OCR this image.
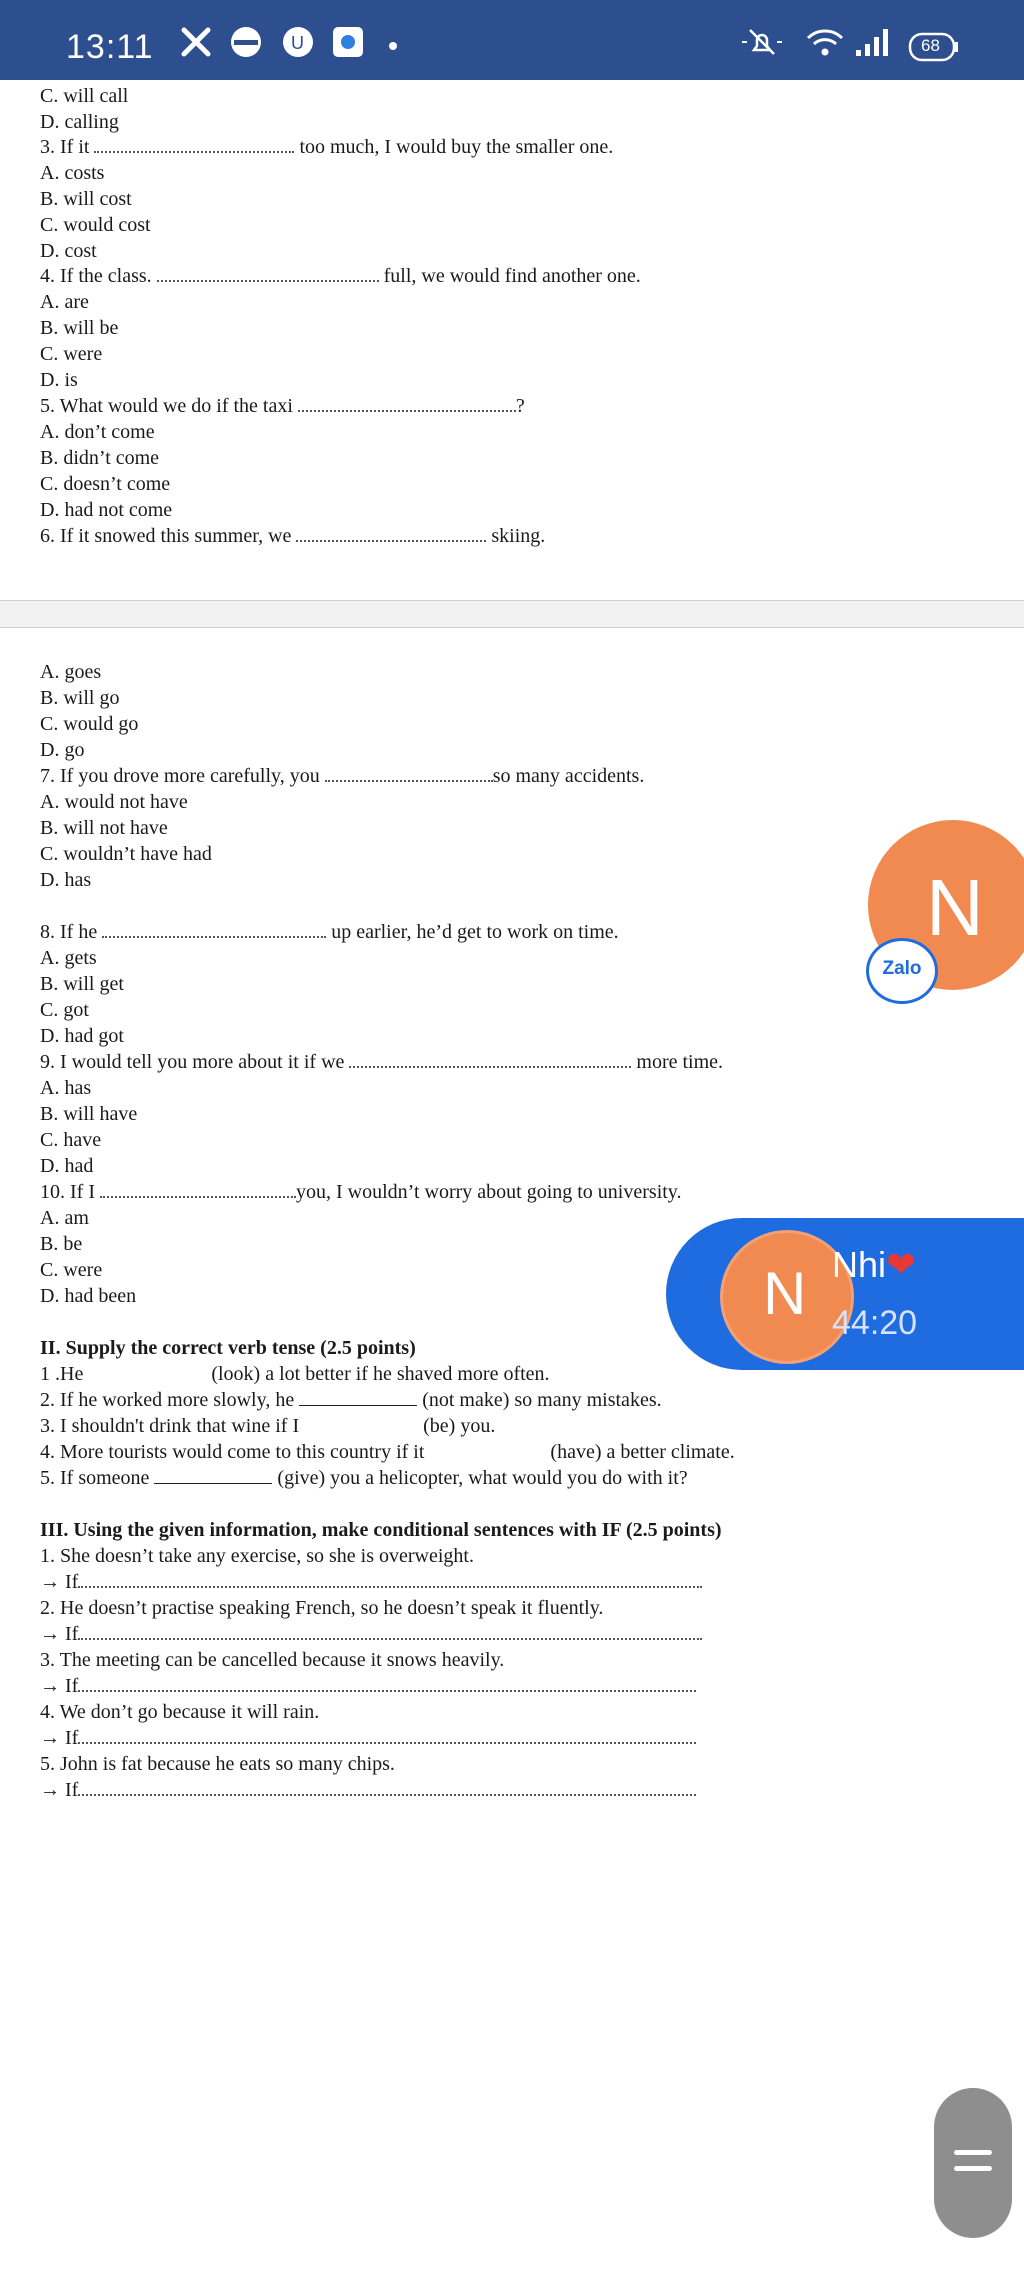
13:11	U	68
C. will call
D. calling
3. If it	too much, I would buy the smaller one.
A. costs
B. will cost
C. would cost
D. cost
4. If the class.	full, we would find another one.
A. are
B. will be
C. were
D. is
5. What would we do if the taxi	?
A. don’t come
B. didn’t come
C. doesn’t come
D. had not come
6. If it snowed this summer, we	skiing.
A. goes
B. will go
C. would go
D. go
7. If you drove more carefully, you	so many accidents.
A. would not have
B. will not have
C. wouldn’t have had
D. has
8. If he	up earlier, he’d get to work on time.
A. gets
B. will get
C. got
D. had got
9. I would tell you more about it if we	more time.
A. has
B. will have
C. have
D. had
10. If I	you, I wouldn’t worry about going to university.
A. am
B. be
C. were
D. had been
II. Supply the correct verb tense (2.5 points)
1 .He	(look) a lot better if he shaved more often.
2. If he worked more slowly, he	(not make) so many mistakes.
3. I shouldn't drink that wine if I	(be) you.
4. More tourists would come to this country if it	(have) a better climate.
5. If someone	(give) you a helicopter, what would you do with it?
III. Using the given information, make conditional sentences with IF (2.5 points)
1. She doesn’t take any exercise, so she is overweight.
→ If
2. He doesn’t practise speaking French, so he doesn’t speak it fluently.
→ If
3. The meeting can be cancelled because it snows heavily.
→ If
4. We don’t go because it will rain.
→ If
5. John is fat because he eats so many chips.
→ If
N
Zalo
N Nhi❤
44:20
